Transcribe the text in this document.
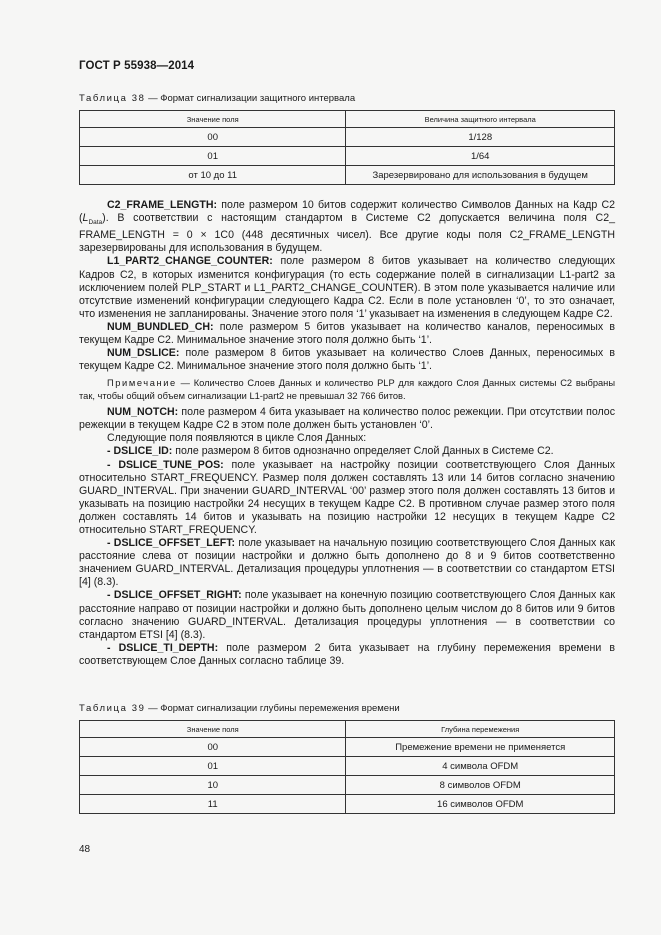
ГОСТ Р 55938—2014
Таблица 38 — Формат сигнализации защитного интервала
Значение поля	Величина защитного интервала
00	1/128
01	1/64
от 10 до 11	Зарезервировано для использования в будущем

C2_FRAME_LENGTH: поле размером 10 битов содержит количество Символов Данных на Кадр C2 $(L_{Data})$. В соответствии с настоящим стандартом в Системе С2 допускается величина поля C2_ FRAME_LENGTH = 0 × 1С0 (448 десятичных чисел). Все другие коды поля C2_FRAME_LENGTH зарезервированы для использования в будущем.

L1_PART2_CHANGE_COUNTER: поле размером 8 битов указывает на количество следующих Кадров С2, в которых изменится конфигурация (то есть содержание полей в сигнализации L1-part2 за исключением полей PLP_START и L1_PART2_CHANGE_COUNTER). В этом поле указывается наличие или отсутствие изменений конфигурации следующего Кадра С2. Если в поле установлен ‘0’, то это означает, что изменения не запланированы. Значение этого поля ‘1’ указывает на изменения в следующем Кадре С2.

NUM_BUNDLED_CH: поле размером 5 битов указывает на количество каналов, переносимых в текущем Кадре С2. Минимальное значение этого поля должно быть ‘1’.

NUM_DSLICE: поле размером 8 битов указывает на количество Слоев Данных, переносимых в текущем Кадре С2. Минимальное значение этого поля должно быть ‘1’.

Примечание — Количество Слоев Данных и количество PLP для каждого Слоя Данных системы C2 выбраны так, чтобы общий объем сигнализации L1-part2 не превышал 32 766 битов.

NUM_NOTCH: поле размером 4 бита указывает на количество полос режекции. При отсутствии полос режекции в текущем Кадре С2 в этом поле должен быть установлен ‘0’.

Следующие поля появляются в цикле Слоя Данных:

- DSLICE_ID: поле размером 8 битов однозначно определяет Слой Данных в Системе С2.

- DSLICE_TUNE_POS: поле указывает на настройку позиции соответствующего Слоя Данных относительно START_FREQUENCY. Размер поля должен составлять 13 или 14 битов согласно значению GUARD_INTERVAL. При значении GUARD_INTERVAL ‘00’ размер этого поля должен составлять 13 битов и указывать на позицию настройки 24 несущих в текущем Кадре С2. В противном случае размер этого поля должен составлять 14 битов и указывать на позицию настройки 12 несущих в текущем Кадре С2 относительно START_FREQUENCY.

- DSLICE_OFFSET_LEFT: поле указывает на начальную позицию соответствующего Слоя Данных как расстояние слева от позиции настройки и должно быть дополнено до 8 и 9 битов соответственно значением GUARD_INTERVAL. Детализация процедуры уплотнения — в соответствии со стандартом ETSI [4] (8.3).

- DSLICE_OFFSET_RIGHT: поле указывает на конечную позицию соответствующего Слоя Данных как расстояние направо от позиции настройки и должно быть дополнено целым числом до 8 битов или 9 битов согласно значению GUARD_INTERVAL. Детализация процедуры уплотнения — в соответствии со стандартом ETSI [4] (8.3).

- DSLICE_TI_DEPTH: поле размером 2 бита указывает на глубину перемежения времени в соответствующем Слое Данных согласно таблице 39.

Таблица 39 — Формат сигнализации глубины перемежения времени
Значение поля	Глубина перемежения
00	Премежение времени не применяется
01	4 символа OFDM
10	8 символов OFDM
11	16 символов OFDM
48
